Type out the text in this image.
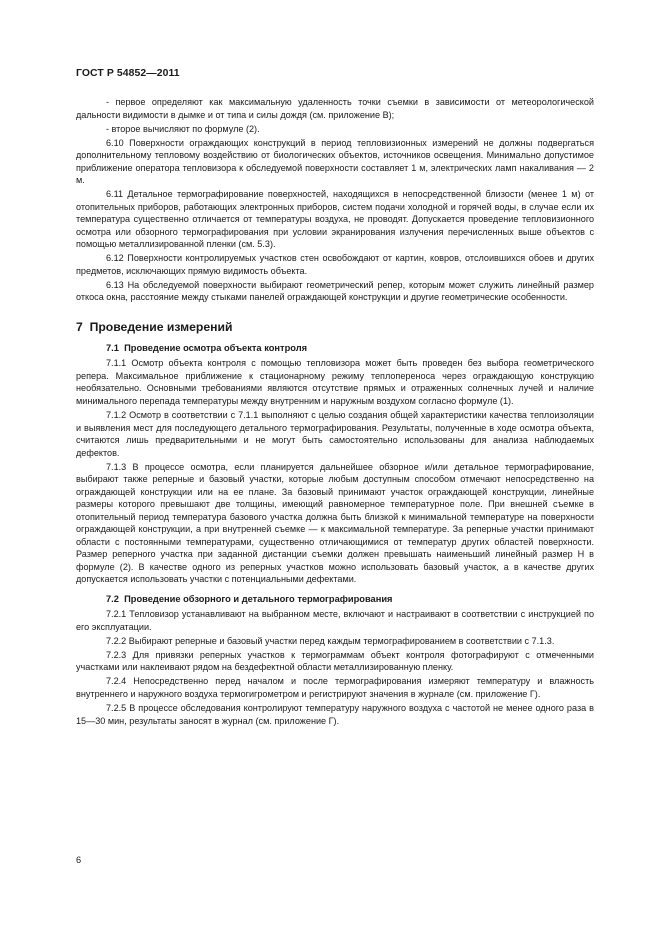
ГОСТ Р 54852—2011

- первое определяют как максимальную удаленность точки съемки в зависимости от метеорологической дальности видимости в дымке и от типа и силы дождя (см. приложение В);

- второе вычисляют по формуле (2).

6.10 Поверхности ограждающих конструкций в период тепловизионных измерений не должны подвергаться дополнительному тепловому воздействию от биологических объектов, источников освещения. Минимально допустимое приближение оператора тепловизора к обследуемой поверхности составляет 1 м, электрических ламп накаливания — 2 м.

6.11 Детальное термографирование поверхностей, находящихся в непосредственной близости (менее 1 м) от отопительных приборов, работающих электронных приборов, систем подачи холодной и горячей воды, в случае если их температура существенно отличается от температуры воздуха, не проводят. Допускается проведение тепловизионного осмотра или обзорного термографирования при условии экранирования излучения перечисленных выше объектов с помощью металлизированной пленки (см. 5.3).

6.12 Поверхности контролируемых участков стен освобождают от картин, ковров, отслоившихся обоев и других предметов, исключающих прямую видимость объекта.

6.13 На обследуемой поверхности выбирают геометрический репер, которым может служить линейный размер откоса окна, расстояние между стыками панелей ограждающей конструкции и другие геометрические особенности.

7 Проведение измерений
7.1 Проведение осмотра объекта контроля

7.1.1 Осмотр объекта контроля с помощью тепловизора может быть проведен без выбора геометрического репера. Максимальное приближение к стационарному режиму теплопереноса через ограждающую конструкцию необязательно. Основными требованиями являются отсутствие прямых и отраженных солнечных лучей и наличие минимального перепада температуры между внутренним и наружным воздухом согласно формуле (1).

7.1.2 Осмотр в соответствии с 7.1.1 выполняют с целью создания общей характеристики качества теплоизоляции и выявления мест для последующего детального термографирования. Результаты, полученные в ходе осмотра объекта, считаются лишь предварительными и не могут быть самостоятельно использованы для анализа наблюдаемых дефектов.

7.1.3 В процессе осмотра, если планируется дальнейшее обзорное и/или детальное термографирование, выбирают также реперные и базовый участки, которые любым доступным способом отмечают непосредственно на ограждающей конструкции или на ее плане. За базовый принимают участок ограждающей конструкции, линейные размеры которого превышают две толщины, имеющий равномерное температурное поле. При внешней съемке в отопительный период температура базового участка должна быть близкой к минимальной температуре на поверхности ограждающей конструкции, а при внутренней съемке — к максимальной температуре. За реперные участки принимают области с постоянными температурами, существенно отличающимися от температур других областей поверхности. Размер реперного участка при заданной дистанции съемки должен превышать наименьший линейный размер H в формуле (2). В качестве одного из реперных участков можно использовать базовый участок, а в качестве других допускается использовать участки с потенциальными дефектами.

7.2 Проведение обзорного и детального термографирования

7.2.1 Тепловизор устанавливают на выбранном месте, включают и настраивают в соответствии с инструкцией по его эксплуатации.

7.2.2 Выбирают реперные и базовый участки перед каждым термографированием в соответствии с 7.1.3.

7.2.3 Для привязки реперных участков к термограммам объект контроля фотографируют с отмеченными участками или наклеивают рядом на бездефектной области металлизированную пленку.

7.2.4 Непосредственно перед началом и после термографирования измеряют температуру и влажность внутреннего и наружного воздуха термогигрометром и регистрируют значения в журнале (см. приложение Г).

7.2.5 В процессе обследования контролируют температуру наружного воздуха с частотой не менее одного раза в 15—30 мин, результаты заносят в журнал (см. приложение Г).

6
